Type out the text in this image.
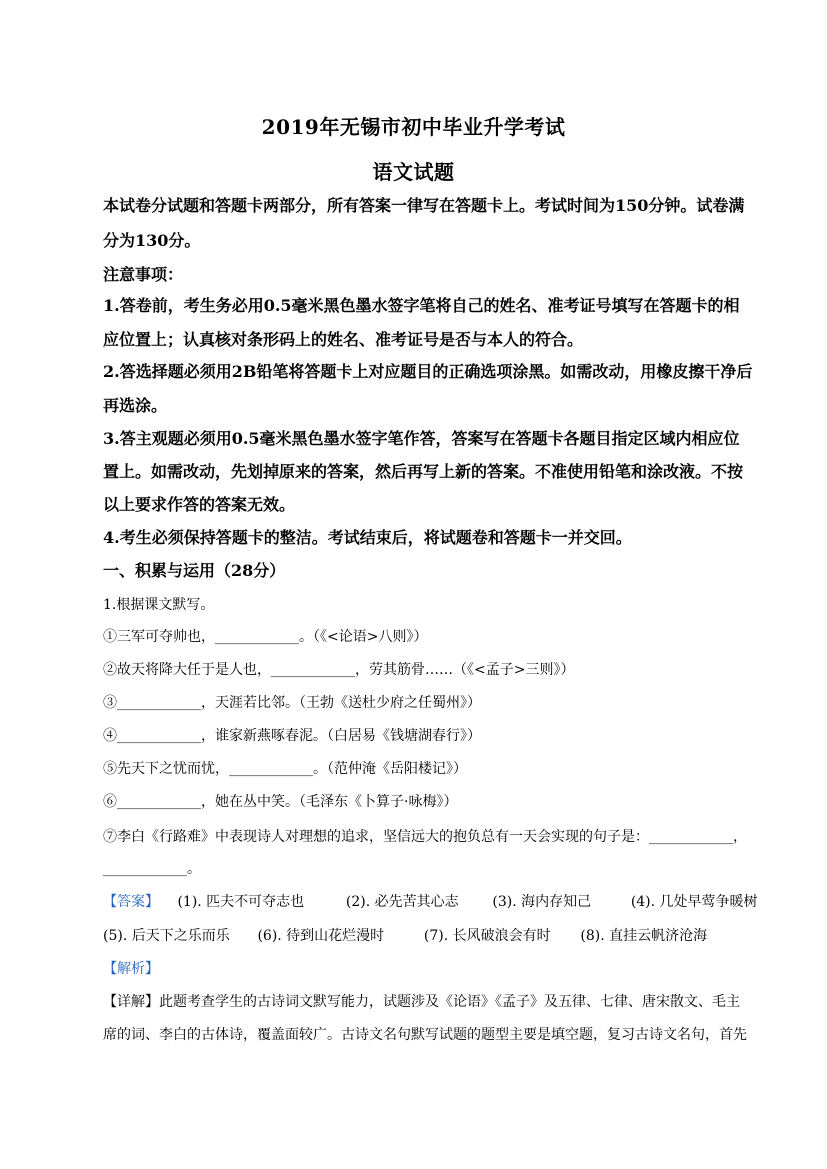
2019年无锡市初中毕业升学考试
语文试题
本试卷分试题和答题卡两部分，所有答案一律写在答题卡上。考试时间为150分钟。试卷满
分为130分。
注意事项：
1.答卷前，考生务必用0.5毫米黑色墨水签字笔将自己的姓名、准考证号填写在答题卡的相
应位置上；认真核对条形码上的姓名、准考证号是否与本人的符合。
2.答选择题必须用2B铅笔将答题卡上对应题目的正确选项涂黑。如需改动，用橡皮擦干净后
再选涂。
3.答主观题必须用0.5毫米黑色墨水签字笔作答，答案写在答题卡各题目指定区域内相应位
置上。如需改动，先划掉原来的答案，然后再写上新的答案。不准使用铅笔和涂改液。不按
以上要求作答的答案无效。
4.考生必须保持答题卡的整洁。考试结束后，将试题卷和答题卡一并交回。
一、积累与运用（28分）
1.根据课文默写。
①三军可夺帅也，____________。（《<论语>八则》）
②故天将降大任于是人也，____________，劳其筋骨……（《<孟子>三则》）
③____________，天涯若比邻。（王勃《送杜少府之任蜀州》）
④____________，谁家新燕啄春泥。（白居易《钱塘湖春行》）
⑤先天下之忧而忧，____________。（范仲淹《岳阳楼记》）
⑥____________，她在丛中笑。（毛泽东《卜算子·咏梅》）
⑦李白《行路难》中表现诗人对理想的追求，坚信远大的抱负总有一天会实现的句子是：____________，
____________。
【答案】 (1). 匹夫不可夺志也	(2). 必先苦其心志 (3). 海内存知己	(4). 几处早莺争暖树
(5). 后天下之乐而乐 (6). 待到山花烂漫时	(7). 长风破浪会有时 (8). 直挂云帆济沧海
【解析】
【详解】此题考查学生的古诗词文默写能力，试题涉及《论语》《孟子》及五律、七律、唐宋散文、毛主
席的词、李白的古体诗，覆盖面较广。古诗文名句默写试题的题型主要是填空题，复习古诗文名句，首先
